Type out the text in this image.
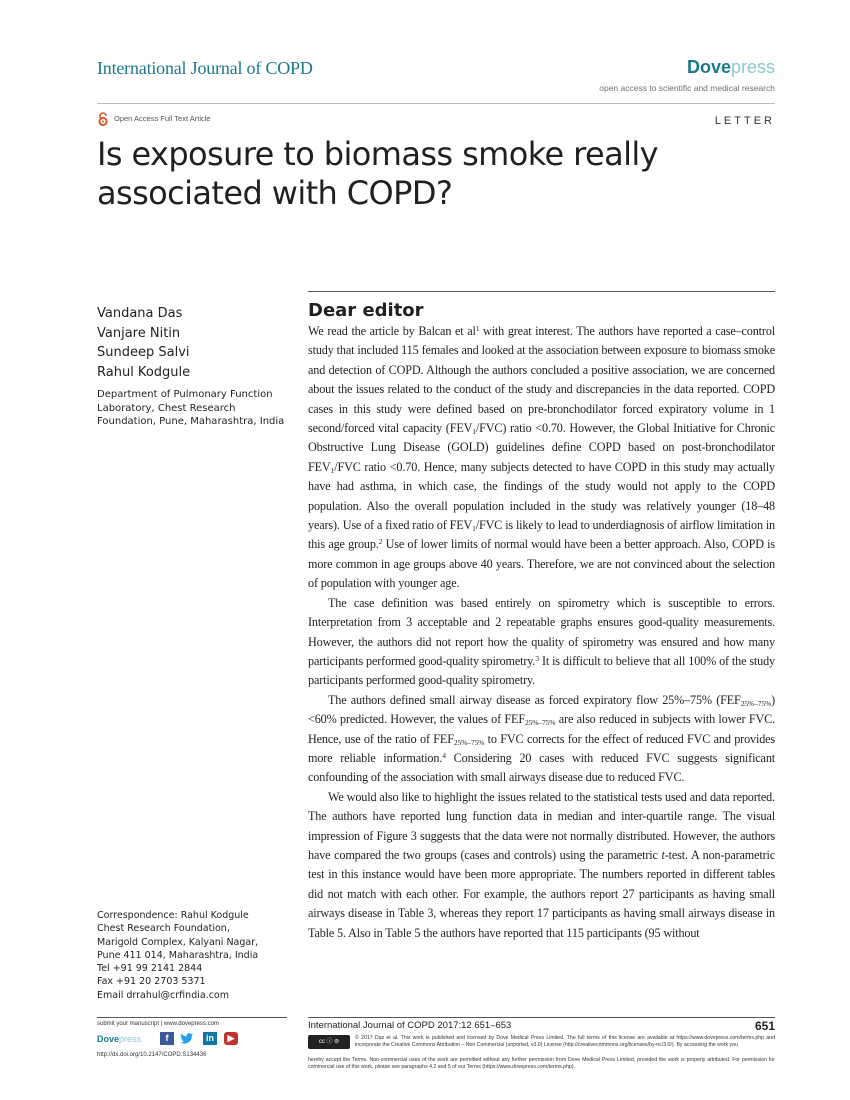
International Journal of COPD	Dovepress
open access to scientific and medical research
Open Access Full Text Article	LETTER
Is exposure to biomass smoke really associated with COPD?
Vandana Das
Vanjare Nitin
Sundeep Salvi
Rahul Kodgule
Department of Pulmonary Function Laboratory, Chest Research Foundation, Pune, Maharashtra, India
Correspondence: Rahul Kodgule
Chest Research Foundation,
Marigold Complex, Kalyani Nagar,
Pune 411 014, Maharashtra, India
Tel +91 99 2141 2844
Fax +91 20 2703 5371
Email drrahul@crfindia.com
Dear editor

We read the article by Balcan et $al^1$ with great interest. The authors have reported a case–control study that included 115 females and looked at the association between exposure to biomass smoke and detection of COPD. Although the authors concluded a positive association, we are concerned about the issues related to the conduct of the study and discrepancies in the data reported. COPD cases in this study were defined based on pre-bronchodilator forced expiratory volume in 1 second/forced vital capacity $(FEV_1/FVC)$ ratio <0.70. However, the Global Initiative for Chronic Obstructive Lung Disease (GOLD) guidelines define COPD based on post-bronchodilator $FEV_1$/FVC ratio <0.70. Hence, many subjects detected to have COPD in this study may actually have had asthma, in which case, the findings of the study would not apply to the COPD population. Also the overall population included in the study was relatively younger (18–48 years). Use of a fixed ratio of $FEV_1$/FVC is likely to lead to underdiagnosis of airflow limitation in this age group.$^2$ Use of lower limits of normal would have been a better approach. Also, COPD is more common in age groups above 40 years. Therefore, we are not convinced about the selection of population with younger age.

The case definition was based entirely on spirometry which is susceptible to errors. Interpretation from 3 acceptable and 2 repeatable graphs ensures good-quality measurements. However, the authors did not report how the quality of spirometry was ensured and how many participants performed good-quality spirometry.$^3$ It is difficult to believe that all 100% of the study participants performed good-quality spirometry.

The authors defined small airway disease as forced expiratory flow 25%–75% $(FEF_{25\%-75\%}) <60\%$ predicted. However, the values of $FEF_{25\%-75\%}$ are also reduced in subjects with lower FVC. Hence, use of the ratio of $FEF_{25\%-75\%}$ to FVC corrects for the effect of reduced FVC and provides more reliable information.$^4$ Considering 20 cases with reduced FVC suggests significant confounding of the association with small airways disease due to reduced FVC.

We would also like to highlight the issues related to the statistical tests used and data reported. The authors have reported lung function data in median and inter-quartile range. The visual impression of Figure 3 suggests that the data were not normally distributed. However, the authors have compared the two groups (cases and controls) using the parametric t-test. A non-parametric test in this instance would have been more appropriate. The numbers reported in different tables did not match with each other. For example, the authors report 27 participants as having small airways disease in Table 3, whereas they report 17 participants as having small airways disease in Table 5. Also in Table 5 the authors have reported that 115 participants (95 without

submit your manuscript | www.dovepress.com
Dovepress	f	in	▶
http://dx.doi.org/10.2147/COPD.S134436
International Journal of COPD 2017:12 651–653	651
cc ⓘ ⊜
© 2017 Das et al. This work is published and licensed by Dove Medical Press Limited. The full terms of this license are available at https://www.dovepress.com/terms.php and incorporate the Creative Commons Attribution – Non Commercial (unported, v3.0) License (http://creativecommons.org/licenses/by-nc/3.0/). By accessing the work you
hereby accept the Terms. Non-commercial uses of the work are permitted without any further permission from Dove Medical Press Limited, provided the work is properly attributed. For permission for commercial use of this work, please see paragraphs 4.2 and 5 of our Terms (https://www.dovepress.com/terms.php).
